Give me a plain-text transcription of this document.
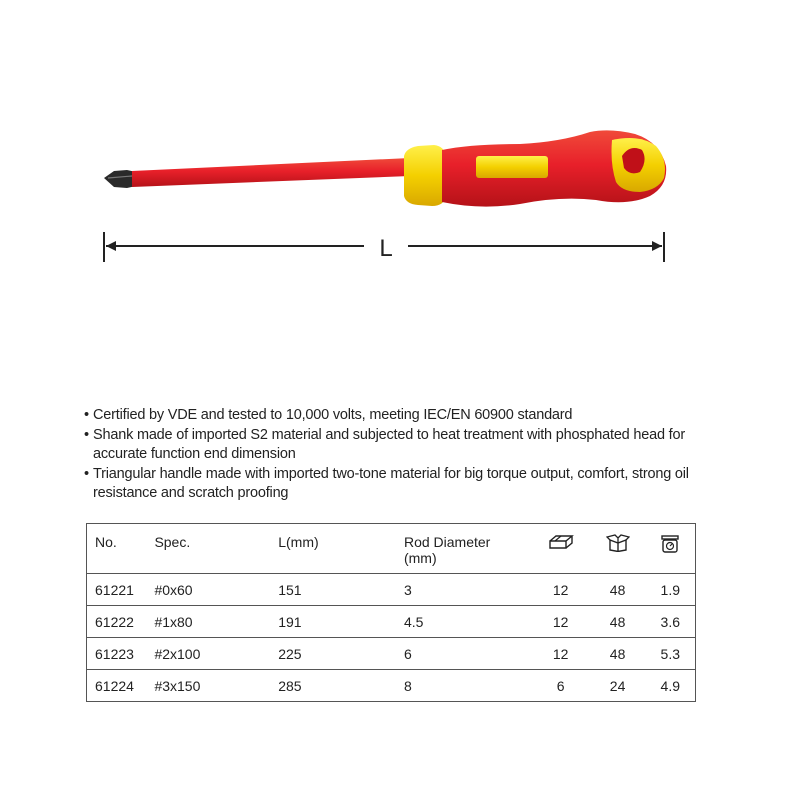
L
• Certified by VDE and tested to 10,000 volts, meeting IEC/EN 60900 standard
• Shank made of imported S2 material and subjected to heat treatment with phosphated head for accurate function end dimension
• Triangular handle made with imported two-tone material for big torque output, comfort, strong oil resistance and scratch proofing
No.	Spec.	L(mm)	Rod Diameter
(mm)			
61221	#0x60	151	3	12	48	1.9
61222	#1x80	191	4.5	12	48	3.6
61223	#2x100	225	6	12	48	5.3
61224	#3x150	285	8	6	24	4.9
